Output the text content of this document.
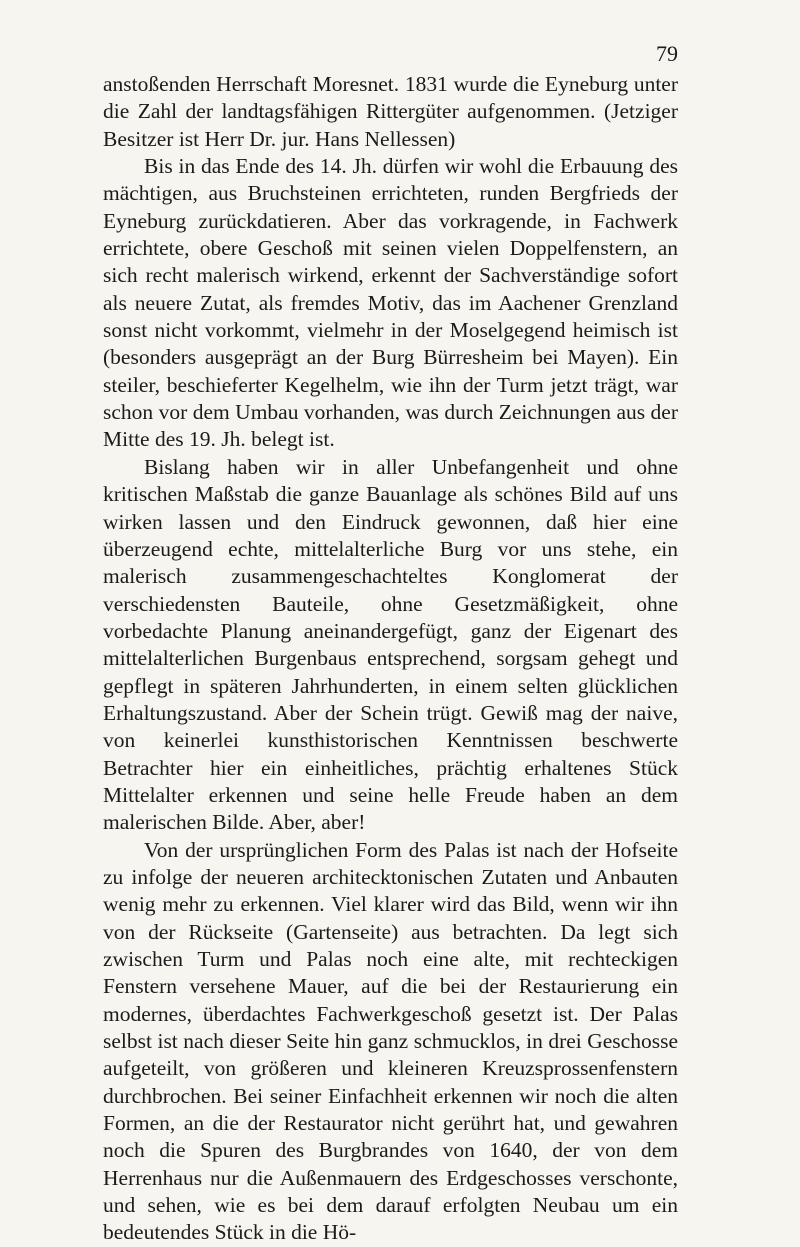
79

anstoßenden Herrschaft Moresnet. 1831 wurde die Eyneburg unter die Zahl der landtagsfähigen Rittergüter aufgenommen. (Jetziger Besitzer ist Herr Dr. jur. Hans Nellessen)

Bis in das Ende des 14. Jh. dürfen wir wohl die Erbauung des mächtigen, aus Bruchsteinen errichteten, runden Bergfrieds der Eyneburg zurückdatieren. Aber das vorkragende, in Fachwerk errichtete, obere Geschoß mit seinen vielen Doppelfenstern, an sich recht malerisch wirkend, erkennt der Sachverständige sofort als neuere Zutat, als fremdes Motiv, das im Aachener Grenzland sonst nicht vorkommt, vielmehr in der Moselgegend heimisch ist (besonders ausgeprägt an der Burg Bürresheim bei Mayen). Ein steiler, beschieferter Kegelhelm, wie ihn der Turm jetzt trägt, war schon vor dem Umbau vorhanden, was durch Zeichnungen aus der Mitte des 19. Jh. belegt ist.

Bislang haben wir in aller Unbefangenheit und ohne kritischen Maßstab die ganze Bauanlage als schönes Bild auf uns wirken lassen und den Eindruck gewonnen, daß hier eine überzeugend echte, mittelalterliche Burg vor uns stehe, ein malerisch zusammengeschachteltes Konglomerat der verschiedensten Bauteile, ohne Gesetzmäßigkeit, ohne vorbedachte Planung aneinandergefügt, ganz der Eigenart des mittelalterlichen Burgenbaus entsprechend, sorgsam gehegt und gepflegt in späteren Jahrhunderten, in einem selten glücklichen Erhaltungszustand. Aber der Schein trügt. Gewiß mag der naive, von keinerlei kunsthistorischen Kenntnissen beschwerte Betrachter hier ein einheitliches, prächtig erhaltenes Stück Mittelalter erkennen und seine helle Freude haben an dem malerischen Bilde. Aber, aber!

Von der ursprünglichen Form des Palas ist nach der Hofseite zu infolge der neueren architecktonischen Zutaten und Anbauten wenig mehr zu erkennen. Viel klarer wird das Bild, wenn wir ihn von der Rückseite (Gartenseite) aus betrachten. Da legt sich zwischen Turm und Palas noch eine alte, mit rechteckigen Fenstern versehene Mauer, auf die bei der Restaurierung ein modernes, überdachtes Fachwerkgeschoß gesetzt ist. Der Palas selbst ist nach dieser Seite hin ganz schmucklos, in drei Geschosse aufgeteilt, von größeren und kleineren Kreuzsprossenfenstern durchbrochen. Bei seiner Einfachheit erkennen wir noch die alten Formen, an die der Restaurator nicht gerührt hat, und gewahren noch die Spuren des Burgbrandes von 1640, der von dem Herrenhaus nur die Außenmauern des Erdgeschosses verschonte, und sehen, wie es bei dem darauf erfolgten Neubau um ein bedeutendes Stück in die Hö-
